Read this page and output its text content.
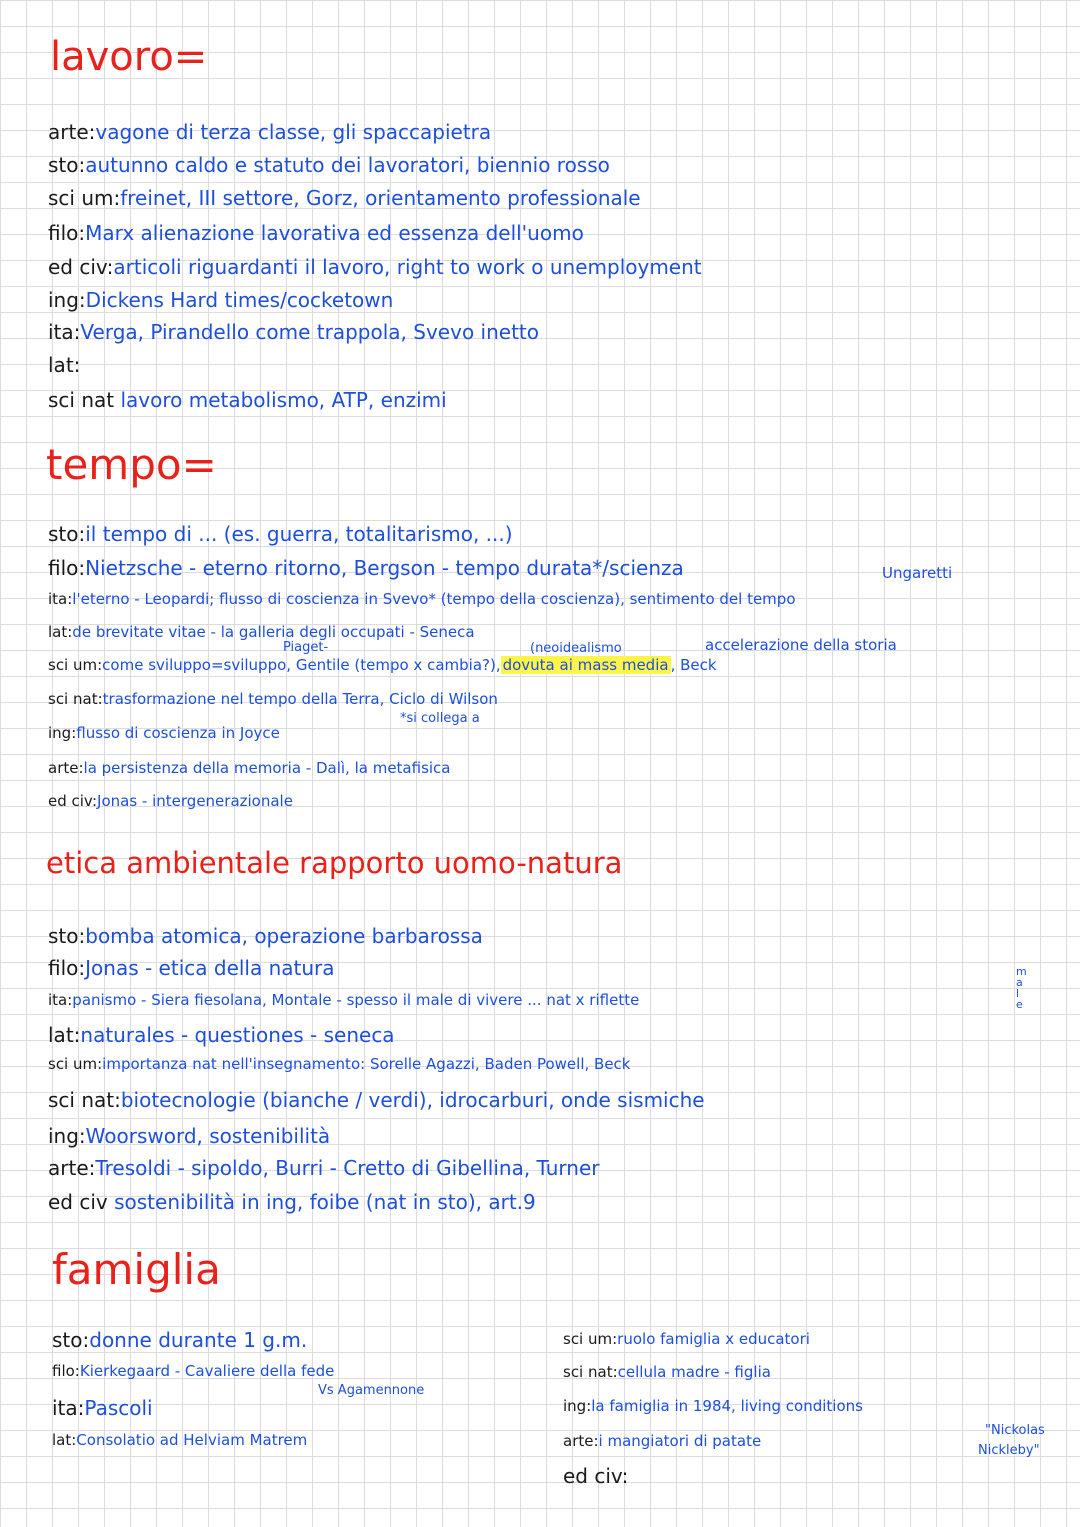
lavoro=
arte:vagone di terza classe, gli spaccapietra
sto:autunno caldo e statuto dei lavoratori, biennio rosso
sci um:freinet, III settore, Gorz, orientamento professionale
filo:Marx alienazione lavorativa ed essenza dell'uomo
ed civ:articoli riguardanti il lavoro, right to work o unemployment
ing:Dickens Hard times/cocketown
ita:Verga, Pirandello come trappola, Svevo inetto
lat:
sci nat lavoro metabolismo, ATP, enzimi
tempo=
Ungaretti
Piaget-	(neoidealismo	accelerazione della storia
*si collega a
sto:il tempo di ... (es. guerra, totalitarismo, ...)
filo:Nietzsche - eterno ritorno, Bergson - tempo durata*/scienza
ita:l'eterno - Leopardi; flusso di coscienza in Svevo* (tempo della coscienza), sentimento del tempo
lat:de brevitate vitae - la galleria degli occupati - Seneca
sci um:come sviluppo=sviluppo, Gentile (tempo x cambia?), dovuta ai mass media , Beck
sci nat:trasformazione nel tempo della Terra, Ciclo di Wilson
ing:flusso di coscienza in Joyce
arte:la persistenza della memoria - Dalì, la metafisica
ed civ:Jonas - intergenerazionale
etica ambientale rapporto uomo-natura
sto:bomba atomica, operazione barbarossa
filo:Jonas - etica della natura
ita:panismo - Siera fiesolana, Montale - spesso il male di vivere ... nat x riflette
m a l e
lat:naturales - questiones - seneca
sci um:importanza nat nell'insegnamento: Sorelle Agazzi, Baden Powell, Beck
sci nat:biotecnologie (bianche / verdi), idrocarburi, onde sismiche
ing:Woorsword, sostenibilità
arte:Tresoldi - sipoldo, Burri - Cretto di Gibellina, Turner
ed civ sostenibilità in ing, foibe (nat in sto), art.9
famiglia
sto:donne durante 1 g.m.
filo:Kierkegaard - Cavaliere della fede
Vs Agamennone
ita:Pascoli
lat:Consolatio ad Helviam Matrem
sci um:ruolo famiglia x educatori
sci nat:cellula madre - figlia
ing:la famiglia in 1984, living conditions
arte:i mangiatori di patate
"Nickolas
Nickleby"
ed civ:
